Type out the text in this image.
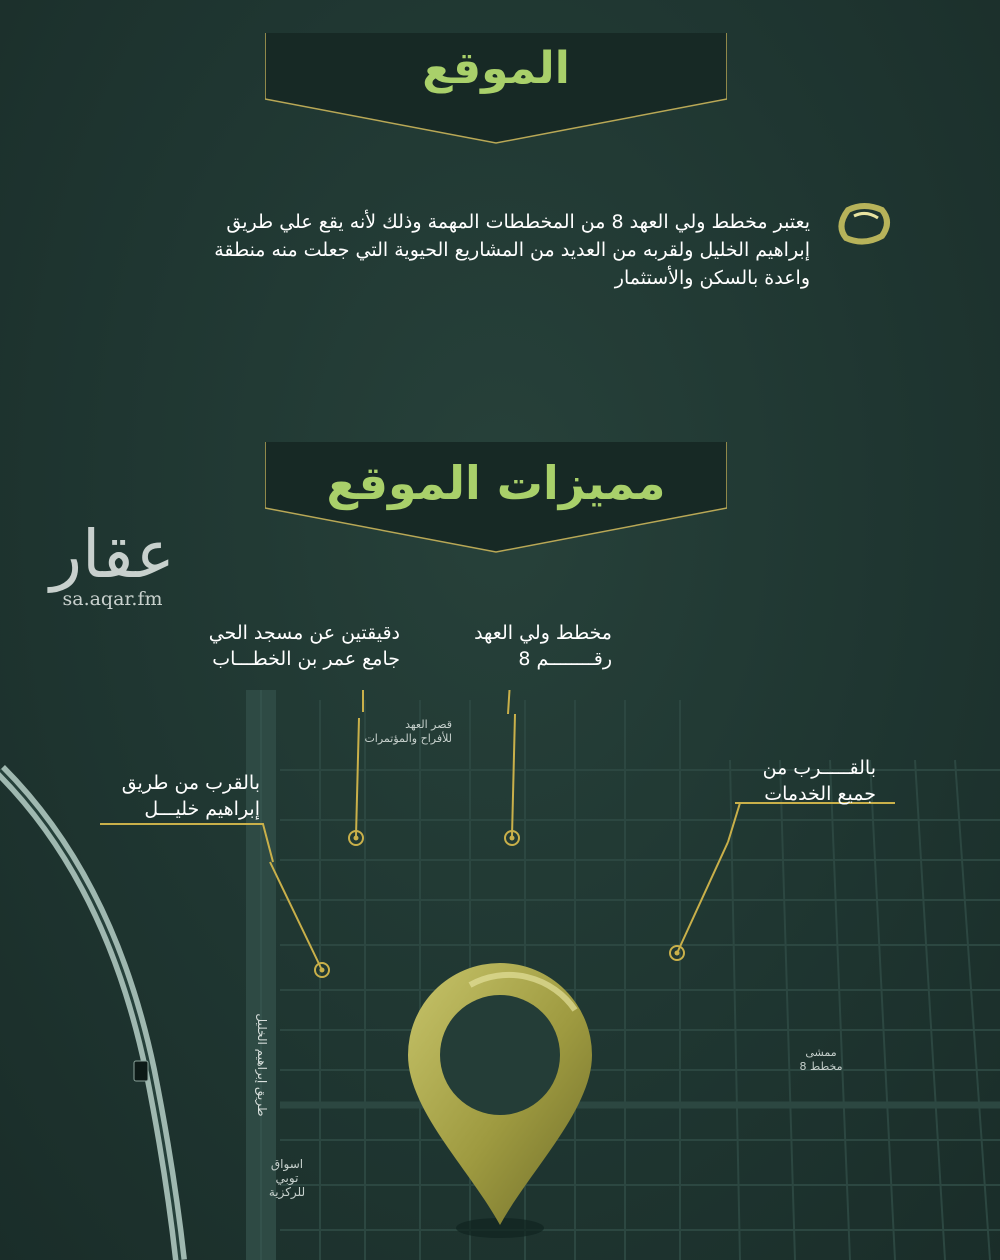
الموقع
يعتبر مخطط ولي العهد 8 من المخططات المهمة وذلك لأنه يقع علي طريق
إبراهيم الخليل ولقربه من العديد من المشاريع الحيوية التي جعلت منه منطقة
واعدة بالسكن والأستثمار
مميزات الموقع
عقار
sa.aqar.fm
دقيقتين عن مسجد الحي
جامع عمر بن الخطـــاب
مخطط ولي العهد
رقــــــــم 8
بالقرب من طريق
إبراهيم خليـــل
بالقـــــرب من
جميع الخدمات
قصر العهد
للأفراح والمؤتمرات
طريق إبراهيم الخليل	ممشى
مخطط 8
اسواق
توبي
للركزية
